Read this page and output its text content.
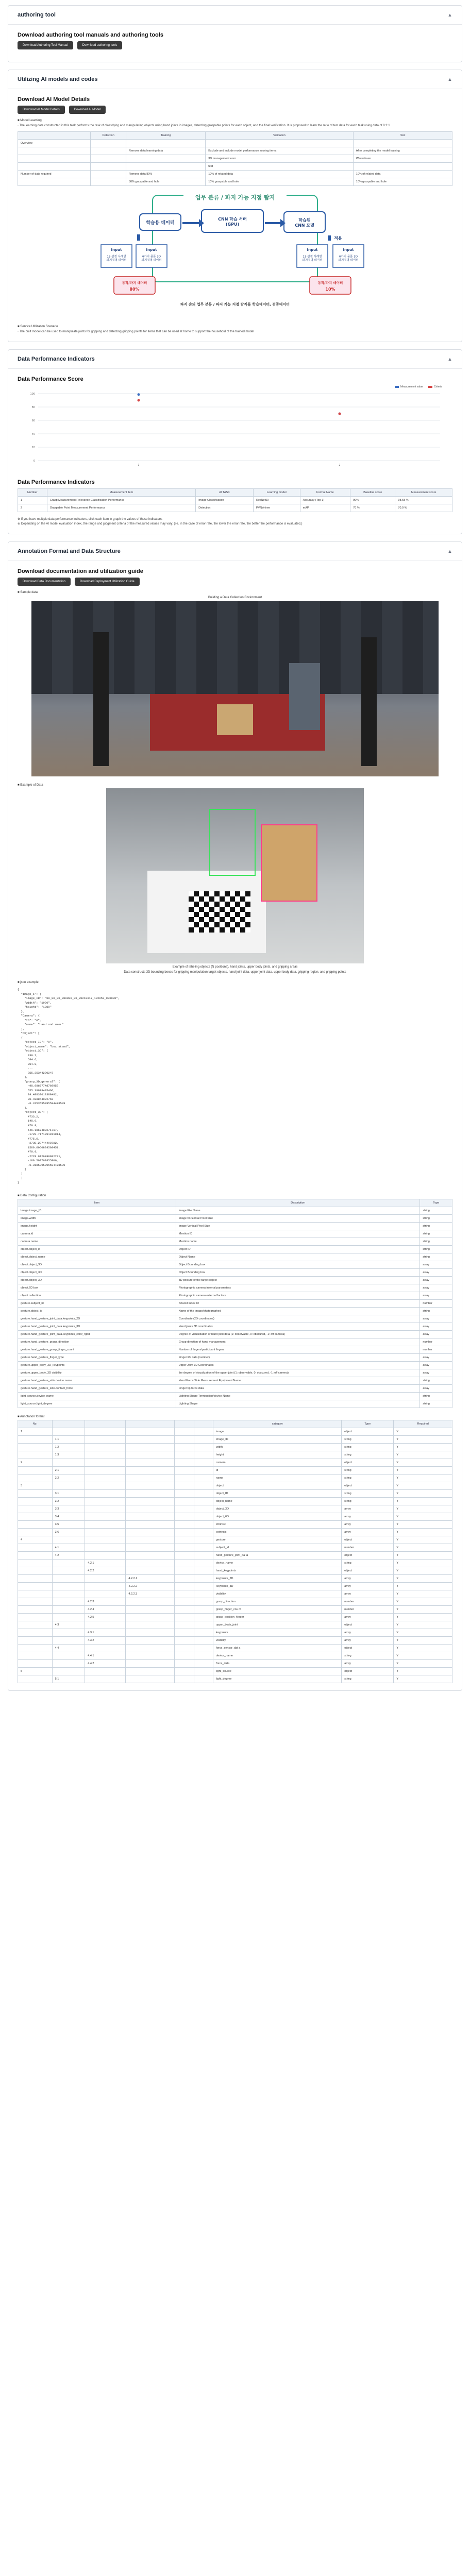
authoring tool	▲
Download authoring tool manuals and authoring tools
Download Authoring Tool Manual	Download authoring tools
Utilizing AI models and codes	▲
Download AI Model Details
Download AI Model Details	Download AI Model
■ Model Learning
· The learning data constructed in this task performs the task of classifying and manipulating objects using hand joints in images, detecting graspable points for each object, and the final verification. It is proposed to learn the ratio of test data for each task using data of 8:1:1
	Detection	Training	Validation	Test
Overview				
		Remove data learning data	Exclude and include model performance scoring items	After completing the model training
			3D management error	Wavesharer
			test	
Number of data required		Remove data 80%	10% of related data	10% of related data
		80% graspable and hole	10% graspable and hole	10% graspable and hole
업무 분류 / 파지 가능 지점 탐지
학습용 데이터
CNN 학습 서버 (GPU)
학습된 CNN 모델
적용
Input
13-관절 사례별 파지영역 데이터
Input
6가지 물품 3D 파지영역 데이터
Input
13-관절 사례별 파지영역 데이터
Input
6가지 물품 3D 파지영역 데이터
동작/파지 데이터
80%
동작/파지 데이터
10%
파지 손의 업무 분류 / 파지 가능 지점 탐지를 학습데이터, 검증데이터
■ Service Utilization Scenario
· The built model can be used to manipulate joints for gripping and detecting gripping points for items that can be used at home to support the household of the trained model
Data Performance Indicators	▲
Data Performance Score
Measurement value	Criteria
100
80
60
40
20
0
1	2
Data Performance Indicators
Number	Measurement item	AI TASK	Learning model	Format Name	Baseline score	Measurement score
1	Grasp Measurement Relevance Classification Performance	Image Classification	ResNet50	Accuracy (Top-1)	90%	98.68 %
2	Graspable Point Measurement Performance	Detection	PVNet-tree	mAP	70 %	70.0 %
※ If you have multiple data performance indicators, click each item in graph the values of those indicators.
※ Depending on the AI model evaluation index, the range and judgment criteria of the measured values may vary. (i.e. in the case of error rate, the lower the error rate, the better the performance is evaluated.)
Annotation Format and Data Structure	▲
Download documentation and utilization guide
Download Data Documentation	Download Deployment Utilization Guide
■ Sample data
Building a Data Collection Environment
■ Example of Data
Example of labeling objects (N positions), hand joints, upper body joints, and gripping areas
Data constructs 3D bounding boxes for gripping manipulation target objects, hand joint data, upper joint data, upper body data, gripping region, and gripping points
■ json example
{
"image_1": {
"image_ID": "00_00_00_000000_00_20210817_102952_000000",
"width": "1920",
"height": "1080"
},
"Cammra": {
"ID": "0",
"name": "hand and user"
},
"object": [
{
"object_ID": "0",
"object_name": "box stand",
"object_3D": [
939.2,
584.6,
854.8,
...
355.25344290247
],
"grasp_3D_general": [
-98.88657748769952,
655.39979405466,
89.48839013388482,
30.498844022762
-0.3153595995594478539
],
"object_3D": [
4733.2,
148.0,
479.9,
546.1867489271717,
-1720.7171991911014,
4775.6,
-2738.28744498782,
1589.6960829508451,
479.9,
-2729.0126499982221,
-189.599768855906,
-0.3185395995594478539
]
}
]
}
■ Data Configuration
Item	Description	Type
Image.image_ID	Image File Name	string
image.width	Image horizontal Pixel Size	string
image.height	Image Vertical Pixel Size	string
camera.id	Mention ID	string
camera.name	Mention name	string
object.object_id	Object ID	string
object.object_name	Object Name	string
object.object_3D	Object Bounding box	array
object.object_3D	Object Bounding box	array
object.object_3D	3D posture of the target object	array
object.6D box	Photographic camera internal parameters	array
object.collection	Photographic camera external factors	array
gesture.subject_id	Shared index ID	number
gesture.object_id	Name of the image/photographed	string
gesture.hand_gesture_joint_data.keypoints_2D	Coordinate (2D coordinates)	array
gesture.hand_gesture_joint_data.keypoints_3D	Hand joints 3D coordinates	array
gesture.hand_gesture_joint_data.keypoints_color_rgbd	Degree of visualization of hand joint data (1: observable, 0: obscured, -1: off camera)	array
gesture.hand_gesture_grasp_direction	Grasp direction of hand management	number
gesture.hand_gesture_grasp_finger_count	Number of fingers/participant fingers	number
gesture.hand_gesture_finger_type	Finger life data (number)	array
gesture.upper_body_3D_keypoints	Upper Joint 3D Coordinates	array
gesture.upper_body_3D visibility	the degree of visualization of the upper joint (1: observable, 0: obscured, -1: off camera)	array
gesture.hand_gesture_side.device.name	Hand Force Side Measurement Equipment Name	string
gesture.hand_gesture_side.contact_force	Finger tip force data	array
light_source.device_name	Lighting Shape Termination/device Name	string
light_source.light_degree	Lighting Shape	string
■ Annotation format
No.						category	Type	Required
1						image	object	Y
	1.1					image_ID	string	Y
	1.2					width	string	Y
	1.3					height	string	Y
2						camera	object	Y
	2.1					id	string	Y
	2.2					name	string	Y
3						object	object	Y
	3.1					object_ID	string	Y
	3.2					object_name	string	Y
	3.3					object_3D	array	Y
	3.4					object_6D	array	Y
	3.5					intrinsic	array	Y
	3.6					extrinsic	array	Y
4						gesture	object	Y
	4.1					subject_id	number	Y
	4.2					hand_gesture_joint_da ta	object	Y
		4.2.1				device_name	string	Y
		4.2.2				hand_keypoints	object	Y
			4.2.2.1			keypoints_2D	array	Y
			4.2.2.2			keypoints_3D	array	Y
			4.2.2.3			visibility	array	Y
		4.2.3				grasp_direction	number	Y
		4.2.4				grasp_finger_cou nt	number	Y
		4.2.5				grasp_position_fi nger	array	Y
	4.3					upper_body_joint	object	Y
		4.3.1				keypoints	array	Y
		4.3.2				visibility	array	Y
	4.4					force_sensor_dat a	object	Y
		4.4.1				device_name	string	Y
		4.4.2				force_data	array	Y
5						light_source	object	Y
	5.1					light_degree	string	Y
